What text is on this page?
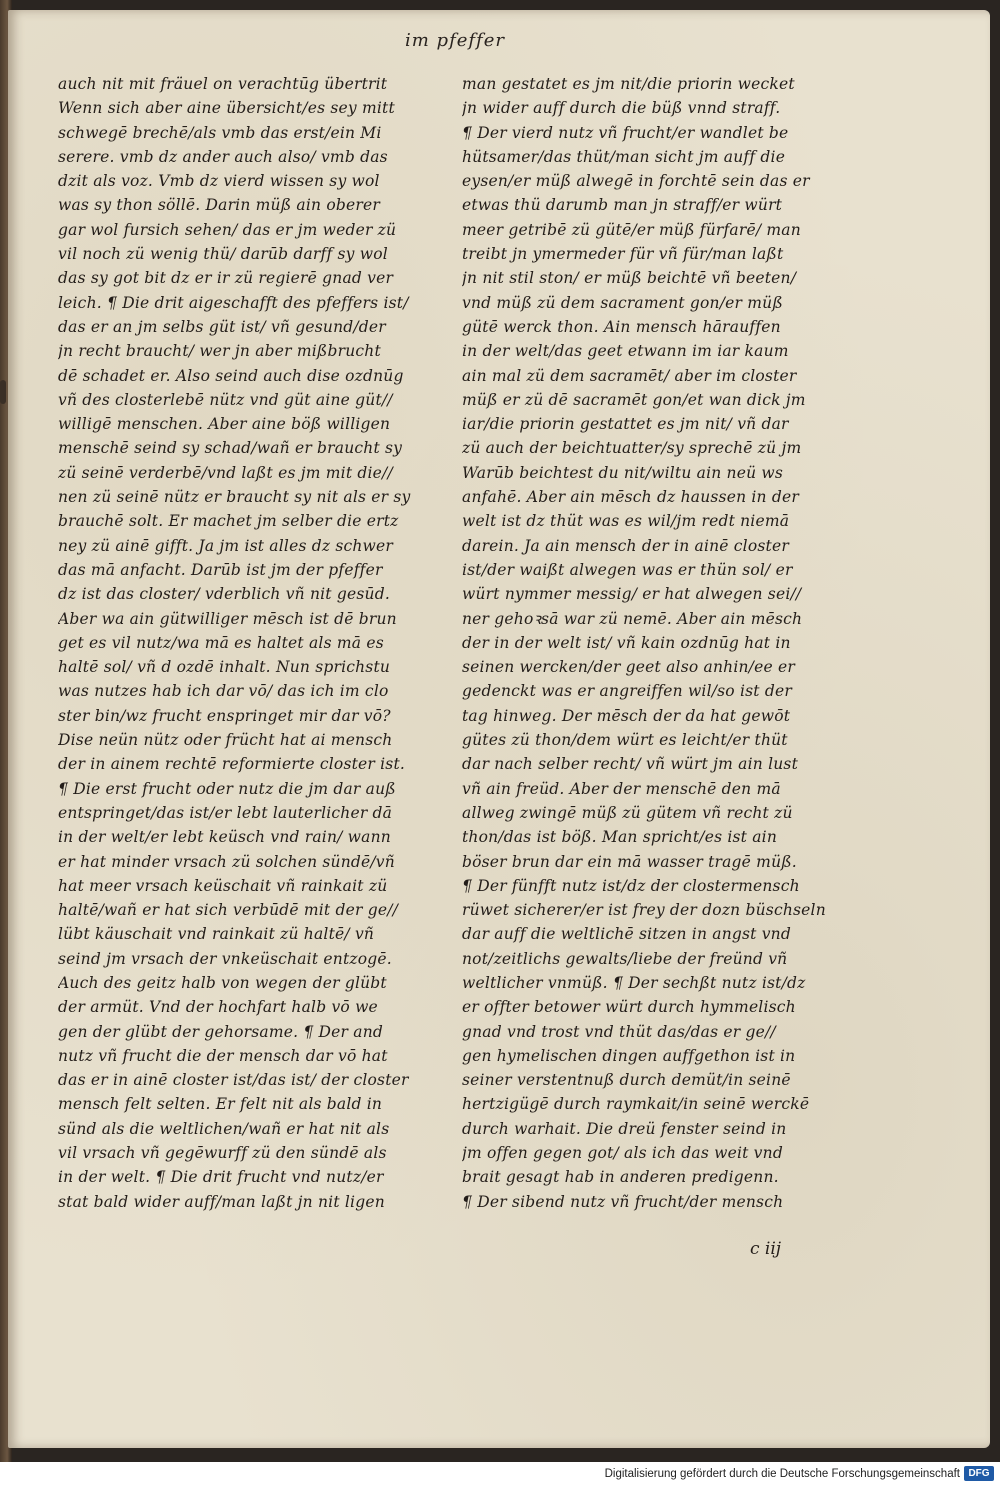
im pfeffer
auch nit mit fräuel on verachtūg übertrit
Wenn sich aber aine übersicht/es sey mitt
schwegē brechē/als vmb das erst/ein Mi
serere. vmb dz ander auch also/ vmb das
dzit als voz. Vmb dz vierd wissen sy wol
was sy thon söllē. Darin müß ain oberer
gar wol fursich sehen/ das er jm weder zü
vil noch zü wenig thü/ darūb darff sy wol
das sy got bit dz er ir zü regierē gnad ver
leich. ¶ Die drit aigeschafft des pfeffers ist/
das er an jm selbs güt ist/ vñ gesund/der
jn recht braucht/ wer jn aber mißbrucht
dē schadet er. Also seind auch dise ozdnūg
vñ des closterlebē nütz vnd güt aine güt//
willigē menschen. Aber aine böß willigen
menschē seind sy schad/wañ er braucht sy
zü seinē verderbē/vnd laßt es jm mit die//
nen zü seinē nütz er braucht sy nit als er sy
brauchē solt. Er machet jm selber die ertz
ney zü ainē gifft. Ja jm ist alles dz schwer
das mā anfacht. Darūb ist jm der pfeffer
dz ist das closter/ vderblich vñ nit gesūd.
Aber wa ain gütwilliger mēsch ist dē brun
get es vil nutz/wa mā es haltet als mā es
haltē sol/ vñ d ozdē inhalt. Nun sprichstu
was nutzes hab ich dar vō/ das ich im clo
ster bin/wz frucht enspringet mir dar vō?
Dise neün nütz oder frücht hat ai mensch
der in ainem rechtē reformierte closter ist.
¶ Die erst frucht oder nutz die jm dar auß
entspringet/das ist/er lebt lauterlicher dā
in der welt/er lebt keüsch vnd rain/ wann
er hat minder vrsach zü solchen sündē/vñ
hat meer vrsach keüschait vñ rainkait zü
haltē/wañ er hat sich verbūdē mit der ge//
lübt käuschait vnd rainkait zü haltē/ vñ
seind jm vrsach der vnkeüschait entzogē.
Auch des geitz halb von wegen der glübt
der armüt. Vnd der hochfart halb vō we
gen der glübt der gehorsame. ¶ Der and
nutz vñ frucht die der mensch dar vō hat
das er in ainē closter ist/das ist/ der closter
mensch felt selten. Er felt nit als bald in
sünd als die weltlichen/wañ er hat nit als
vil vrsach vñ gegēwurff zü den sündē als
in der welt. ¶ Die drit frucht vnd nutz/er
stat bald wider auff/man laßt jn nit ligen
man gestatet es jm nit/die priorin wecket
jn wider auff durch die büß vnnd straff.
¶ Der vierd nutz vñ frucht/er wandlet be
hütsamer/das thüt/man sicht jm auff die
eysen/er müß alwegē in forchtē sein das er
etwas thü darumb man jn straff/er würt
meer getribē zü gütē/er müß fürfarē/ man
treibt jn ymermeder für vñ für/man laßt
jn nit stil ston/ er müß beichtē vñ beeten/
vnd müß zü dem sacrament gon/er müß
gütē werck thon. Ain mensch hārauffen
in der welt/das geet etwann im iar kaum
ain mal zü dem sacramēt/ aber im closter
müß er zü dē sacramēt gon/et wan dick jm
iar/die priorin gestattet es jm nit/ vñ dar
zü auch der beichtuatter/sy sprechē zü jm
Warūb beichtest du nit/wiltu ain neü ws
anfahē. Aber ain mēsch dz haussen in der
welt ist dz thüt was es wil/jm redt niemā
darein. Ja ain mensch der in ainē closter
ist/der waißt alwegen was er thün sol/ er
würt nymmer messig/ er hat alwegen sei//
ner gehoꝛsā war zü nemē. Aber ain mēsch
der in der welt ist/ vñ kain ozdnūg hat in
seinen wercken/der geet also anhin/ee er
gedenckt was er angreiffen wil/so ist der
tag hinweg. Der mēsch der da hat gewōt
gütes zü thon/dem würt es leicht/er thüt
dar nach selber recht/ vñ würt jm ain lust
vñ ain freüd. Aber der menschē den mā
allweg zwingē müß zü gütem vñ recht zü
thon/das ist böß. Man spricht/es ist ain
böser brun dar ein mā wasser tragē müß.
¶ Der fünfft nutz ist/dz der clostermensch
rüwet sicherer/er ist frey der dozn büschseln
dar auff die weltlichē sitzen in angst vnd
not/zeitlichs gewalts/liebe der freünd vñ
weltlicher vnmüß. ¶ Der sechßt nutz ist/dz
er offter betower würt durch hymmelisch
gnad vnd trost vnd thüt das/das er ge//
gen hymelischen dingen auffgethon ist in
seiner verstentnuß durch demüt/in seinē
hertzigügē durch raymkait/in seinē werckē
durch warhait. Die dreü fenster seind in
jm offen gegen got/ als ich das weit vnd
brait gesagt hab in anderen predigenn.
¶ Der sibend nutz vñ frucht/der mensch
c iij
Digitalisierung gefördert durch die Deutsche Forschungsgemeinschaft DFG
